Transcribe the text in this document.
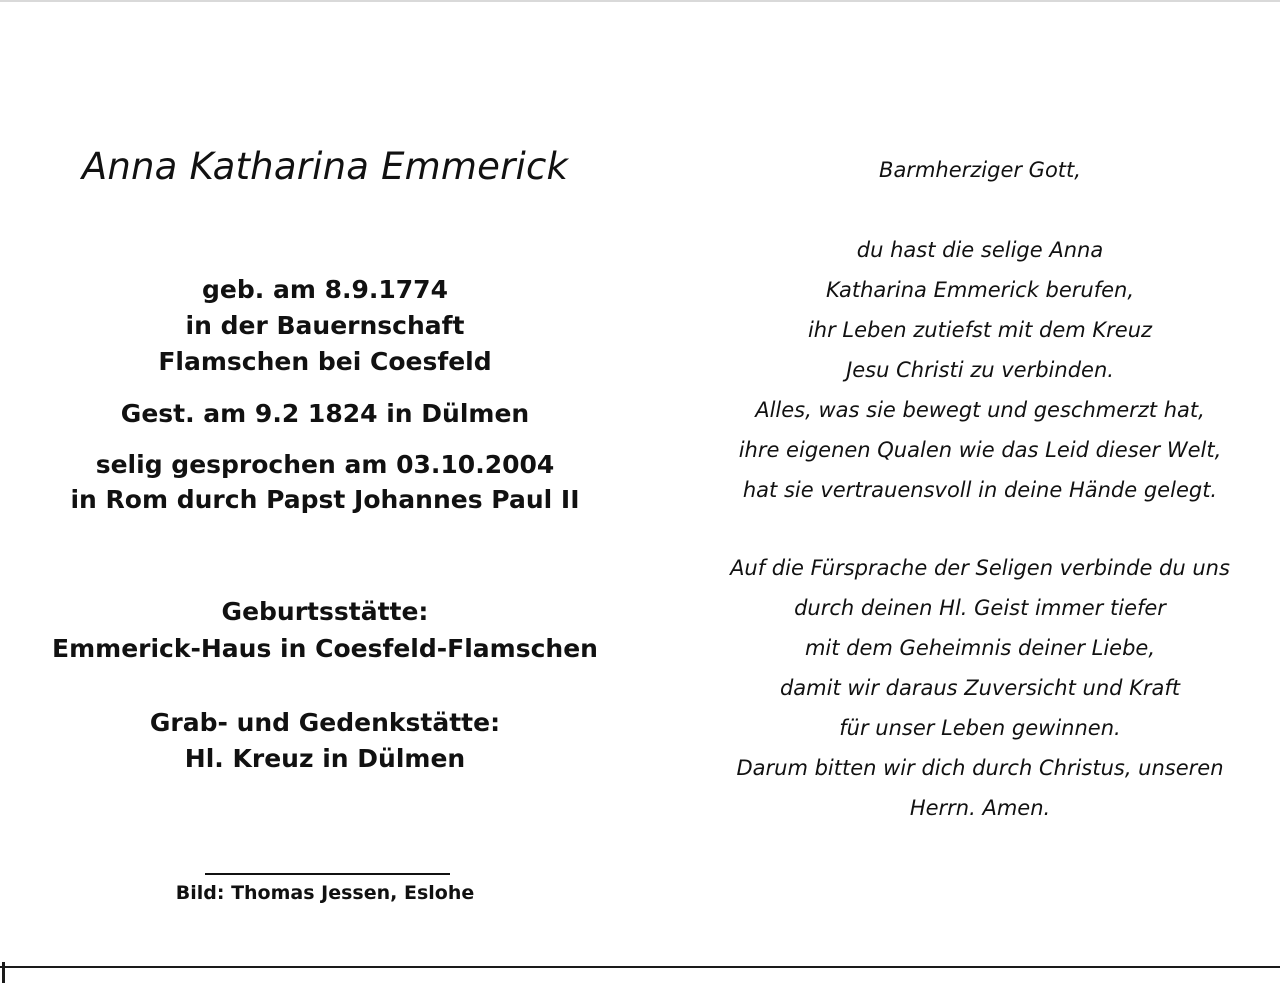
Anna Katharina Emmerick
geb. am 8.9.1774
in der Bauernschaft
Flamschen bei Coesfeld
Gest. am 9.2 1824 in Dülmen
selig gesprochen am 03.10.2004
in Rom durch Papst Johannes Paul II
Geburtsstätte:
Emmerick-Haus in Coesfeld-Flamschen
Grab- und Gedenkstätte:
Hl. Kreuz in Dülmen
Bild: Thomas Jessen, Eslohe
Barmherziger Gott,
du hast die selige Anna
Katharina Emmerick berufen,
ihr Leben zutiefst mit dem Kreuz
Jesu Christi zu verbinden.
Alles, was sie bewegt und geschmerzt hat,
ihre eigenen Qualen wie das Leid dieser Welt,
hat sie vertrauensvoll in deine Hände gelegt.
Auf die Fürsprache der Seligen verbinde du uns
durch deinen Hl. Geist immer tiefer
mit dem Geheimnis deiner Liebe,
damit wir daraus Zuversicht und Kraft
für unser Leben gewinnen.
Darum bitten wir dich durch Christus, unseren
Herrn. Amen.
